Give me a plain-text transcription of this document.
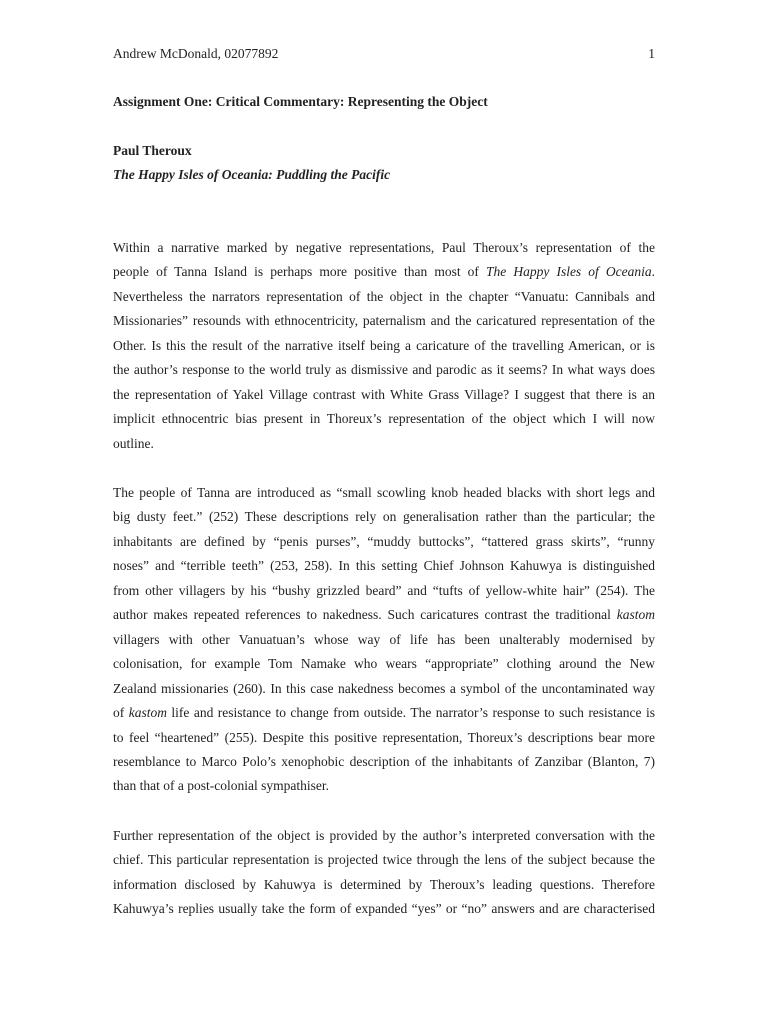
Andrew McDonald, 02077892	1
Assignment One: Critical Commentary: Representing the Object
Paul Theroux
The Happy Isles of Oceania: Puddling the Pacific
Within a narrative marked by negative representations, Paul Theroux’s representation of the
people of Tanna Island is perhaps more positive than most of The Happy Isles of Oceania.
Nevertheless the narrators representation of the object in the chapter “Vanuatu: Cannibals and
Missionaries” resounds with ethnocentricity, paternalism and the caricatured representation of the
Other. Is this the result of the narrative itself being a caricature of the travelling American, or is
the author’s response to the world truly as dismissive and parodic as it seems? In what ways does
the representation of Yakel Village contrast with White Grass Village? I suggest that there is an
implicit ethnocentric bias present in Thoreux’s representation of the object which I will now
outline.
The people of Tanna are introduced as “small scowling knob headed blacks with short legs and
big dusty feet.” (252) These descriptions rely on generalisation rather than the particular; the
inhabitants are defined by “penis purses”, “muddy buttocks”, “tattered grass skirts”, “runny
noses” and “terrible teeth” (253, 258). In this setting Chief Johnson Kahuwya is distinguished
from other villagers by his “bushy grizzled beard” and “tufts of yellow-white hair” (254). The
author makes repeated references to nakedness. Such caricatures contrast the traditional kastom
villagers with other Vanuatuan’s whose way of life has been unalterably modernised by
colonisation, for example Tom Namake who wears “appropriate” clothing around the New
Zealand missionaries (260). In this case nakedness becomes a symbol of the uncontaminated way
of kastom life and resistance to change from outside. The narrator’s response to such resistance is
to feel “heartened” (255). Despite this positive representation, Thoreux’s descriptions bear more
resemblance to Marco Polo’s xenophobic description of the inhabitants of Zanzibar (Blanton, 7)
than that of a post-colonial sympathiser.
Further representation of the object is provided by the author’s interpreted conversation with the
chief. This particular representation is projected twice through the lens of the subject because the
information disclosed by Kahuwya is determined by Theroux’s leading questions. Therefore
Kahuwya’s replies usually take the form of expanded “yes” or “no” answers and are characterised
